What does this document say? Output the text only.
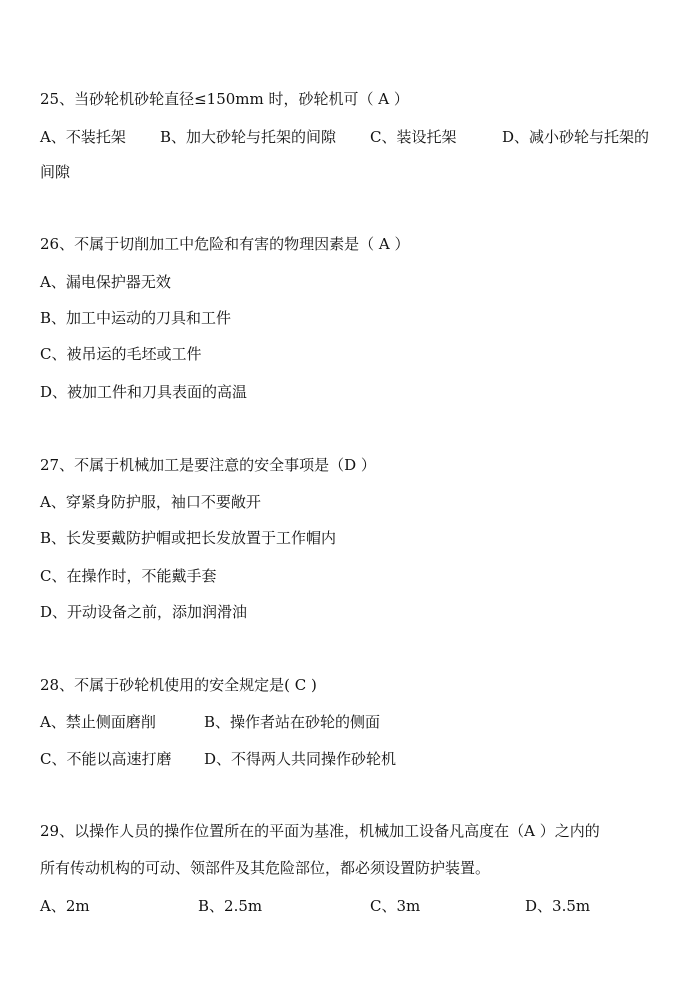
25、当砂轮机砂轮直径≤150mm 时，砂轮机可（ A ）
A、不装托架 B、加大砂轮与托架的间隙 C、装设托架	D、减小砂轮与托架的
间隙
26、不属于切削加工中危险和有害的物理因素是（ A ）
A、漏电保护器无效
B、加工中运动的刀具和工件
C、被吊运的毛坯或工件
D、被加工件和刀具表面的高温
27、不属于机械加工是要注意的安全事项是（D ）
A、穿紧身防护服，袖口不要敞开
B、长发要戴防护帽或把长发放置于工作帽内
C、在操作时，不能戴手套
D、开动设备之前，添加润滑油
28、不属于砂轮机使用的安全规定是( C )
A、禁止侧面磨削	B、操作者站在砂轮的侧面
C、不能以高速打磨 D、不得两人共同操作砂轮机
29、以操作人员的操作位置所在的平面为基准，机械加工设备凡高度在（A ）之内的
所有传动机构的可动、领部件及其危险部位，都必须设置防护装置。
A、2m	B、2.5m	C、3m	D、3.5m
